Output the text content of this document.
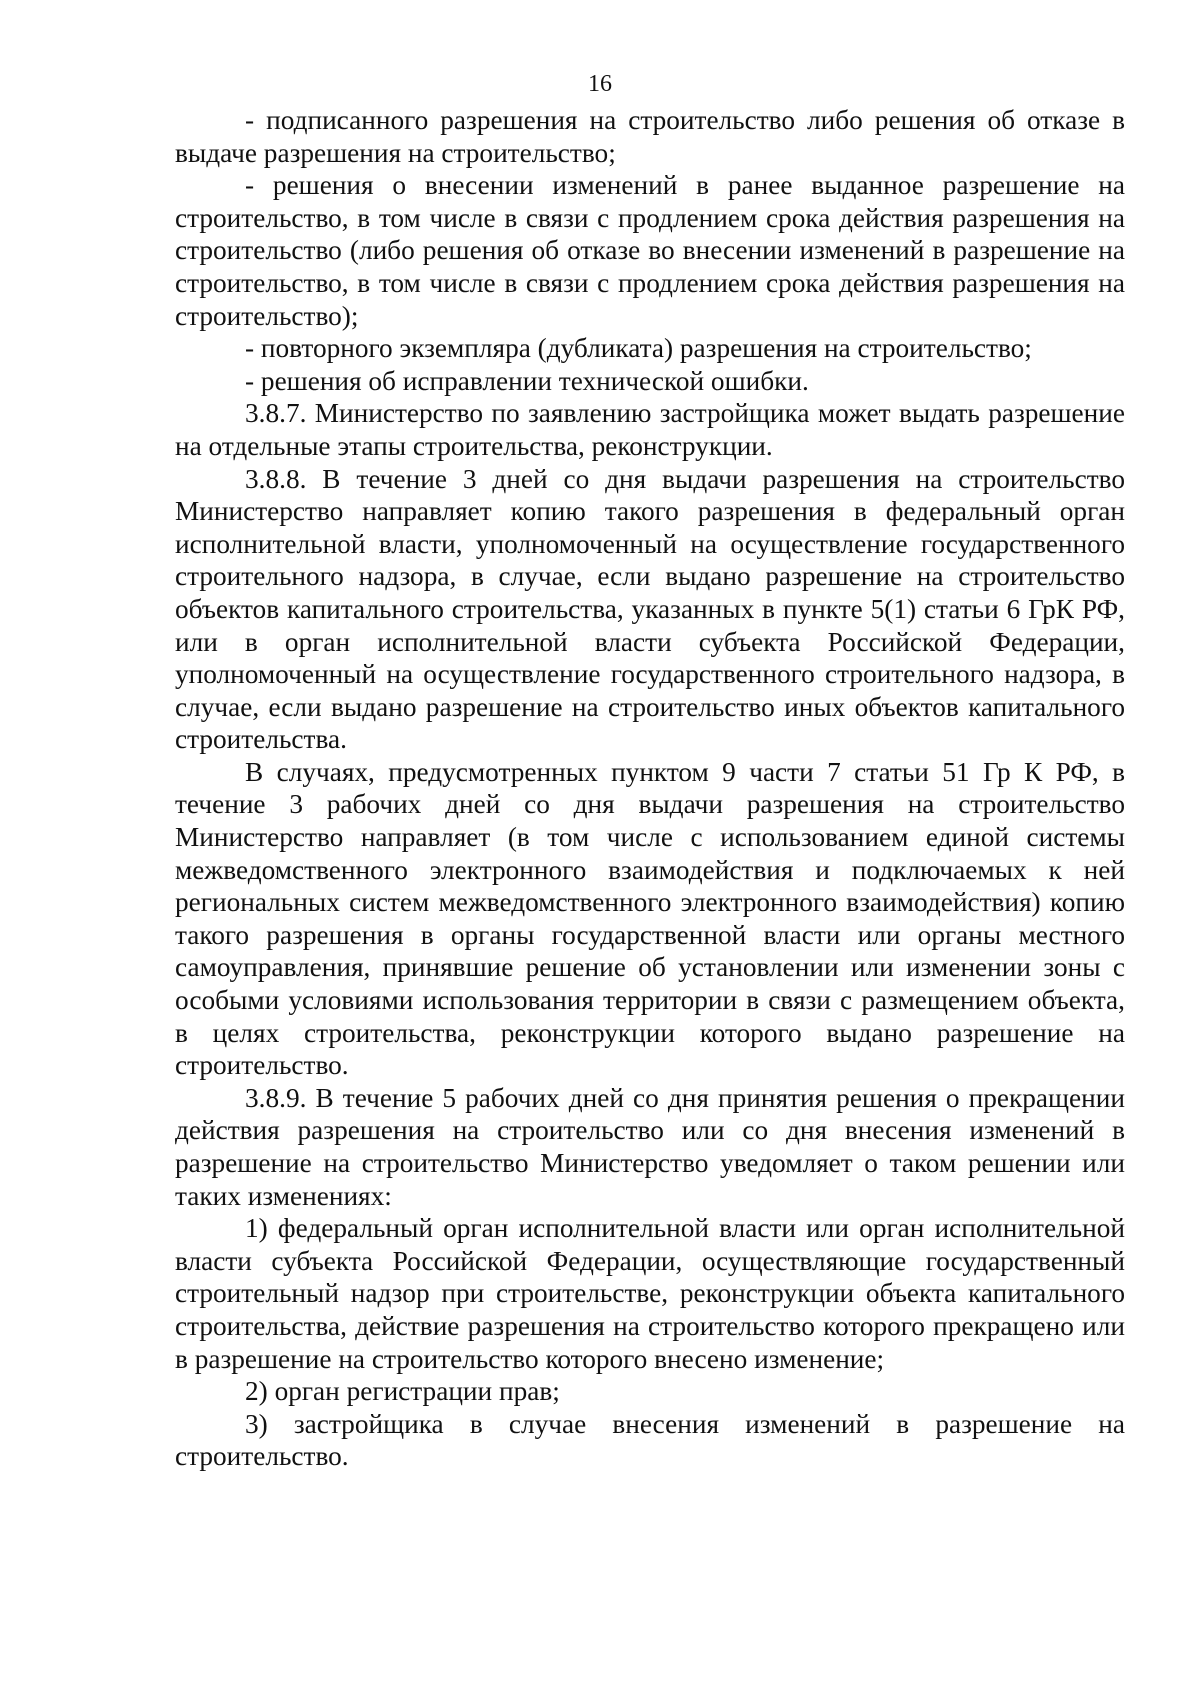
16

- подписанного разрешения на строительство либо решения об отказе в выдаче разрешения на строительство;

- решения о внесении изменений в ранее выданное разрешение на строительство, в том числе в связи с продлением срока действия разрешения на строительство (либо решения об отказе во внесении изменений в разрешение на строительство, в том числе в связи с продлением срока действия разрешения на строительство);

- повторного экземпляра (дубликата) разрешения на строительство;

- решения об исправлении технической ошибки.

3.8.7. Министерство по заявлению застройщика может выдать разрешение на отдельные этапы строительства, реконструкции.

3.8.8. В течение 3 дней со дня выдачи разрешения на строительство Министерство направляет копию такого разрешения в федеральный орган исполнительной власти, уполномоченный на осуществление государственного строительного надзора, в случае, если выдано разрешение на строительство объектов капитального строительства, указанных в пункте 5(1) статьи 6 ГрК РФ, или в орган исполнительной власти субъекта Российской Федерации, уполномоченный на осуществление государственного строительного надзора, в случае, если выдано разрешение на строительство иных объектов капитального строительства.

В случаях, предусмотренных пунктом 9 части 7 статьи 51 Гр К РФ, в течение 3 рабочих дней со дня выдачи разрешения на строительство Министерство направляет (в том числе с использованием единой системы межведомственного электронного взаимодействия и подключаемых к ней региональных систем межведомственного электронного взаимодействия) копию такого разрешения в органы государственной власти или органы местного самоуправления, принявшие решение об установлении или изменении зоны с особыми условиями использования территории в связи с размещением объекта, в целях строительства, реконструкции которого выдано разрешение на строительство.

3.8.9. В течение 5 рабочих дней со дня принятия решения о прекращении действия разрешения на строительство или со дня внесения изменений в разрешение на строительство Министерство уведомляет о таком решении или таких изменениях:

1) федеральный орган исполнительной власти или орган исполнительной власти субъекта Российской Федерации, осуществляющие государственный строительный надзор при строительстве, реконструкции объекта капитального строительства, действие разрешения на строительство которого прекращено или в разрешение на строительство которого внесено изменение;

2) орган регистрации прав;

3) застройщика в случае внесения изменений в разрешение на строительство.
